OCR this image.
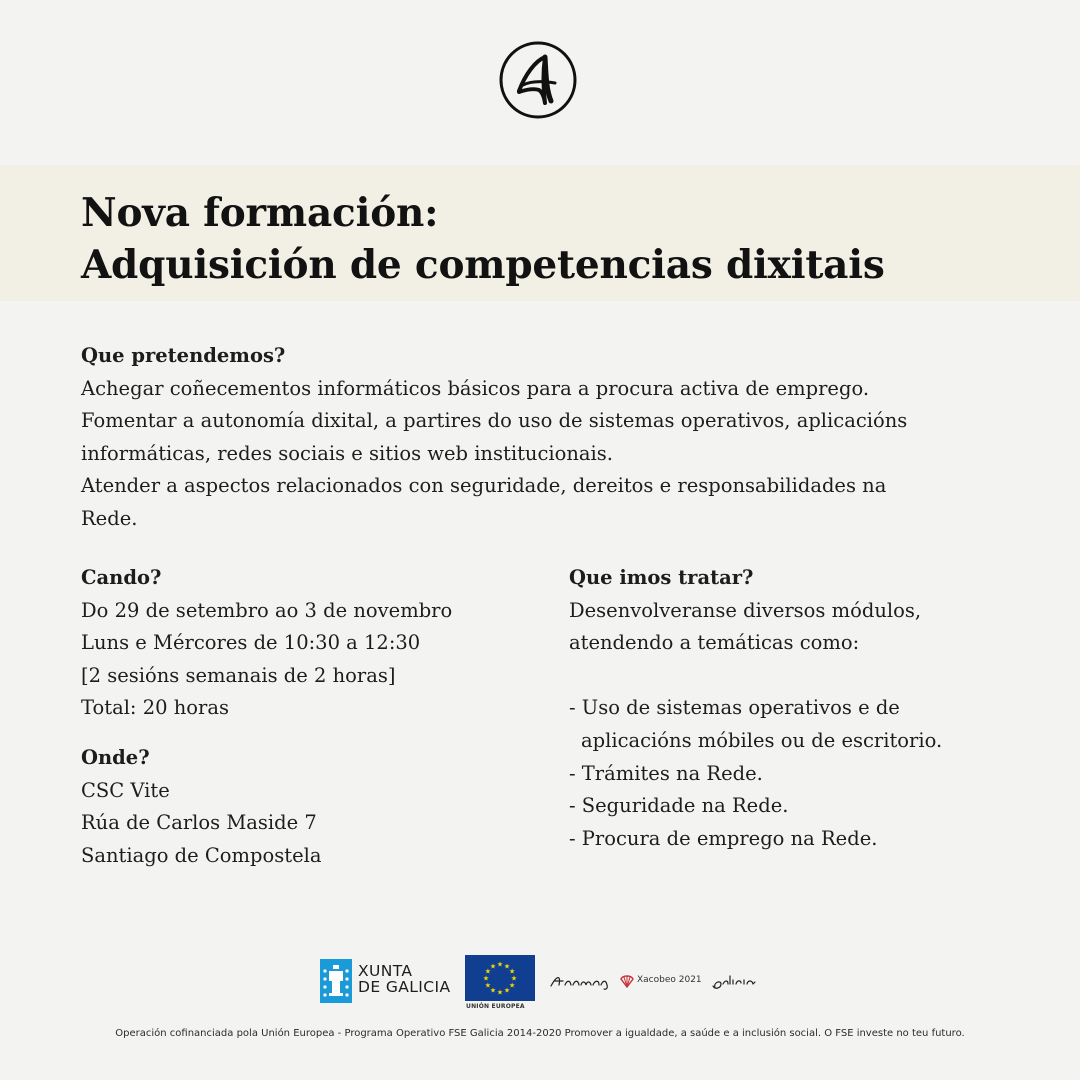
Nova formación:
Adquisición de competencias dixitais
Que pretendemos?
Achegar coñecementos informáticos básicos para a procura activa de emprego.
Fomentar a autonomía dixital, a partires do uso de sistemas operativos, aplicacións
informáticas, redes sociais e sitios web institucionais.
Atender a aspectos relacionados con seguridade, dereitos e responsabilidades na
Rede.
Cando?
Do 29 de setembro ao 3 de novembro
Luns e Mércores de 10:30 a 12:30
[2 sesións semanais de 2 horas]
Total: 20 horas
Onde?
CSC Vite
Rúa de Carlos Maside 7
Santiago de Compostela
Que imos tratar?
Desenvolveranse diversos módulos,
atendendo a temáticas como:
- Uso de sistemas operativos e de
aplicacións móbiles ou de escritorio.
- Trámites na Rede.
- Seguridade na Rede.
- Procura de emprego na Rede.
XUNTA
DE GALICIA
★ ★
★
★
★
★
★
★
★
★
★
★
UNIÓN EUROPEA
Xacobeo 2021
Operación cofinanciada pola Unión Europea - Programa Operativo FSE Galicia 2014-2020 Promover a igualdade, a saúde e a inclusión social. O FSE investe no teu futuro.
